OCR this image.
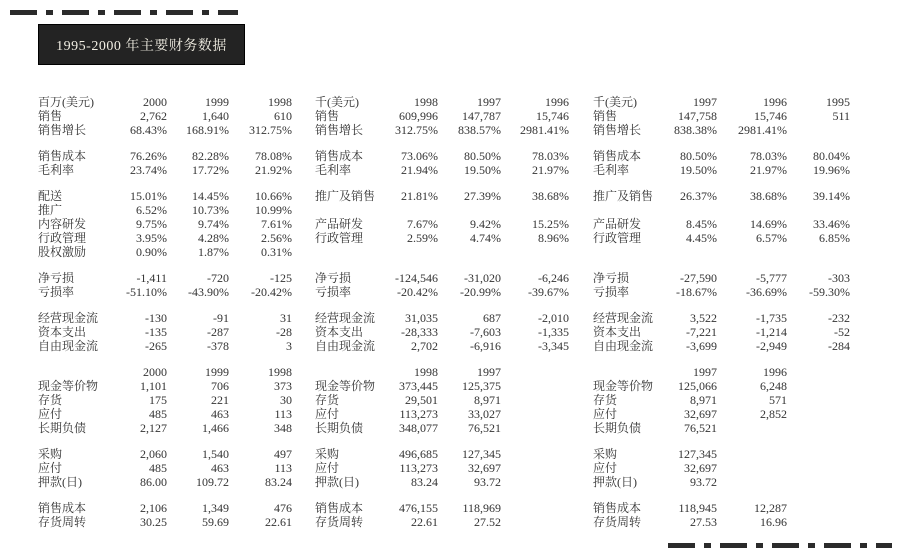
1995-2000 年主要财务数据
百万(美元)	2000	1999	1998
销售	2,762	1,640	610
销售增长	68.43%	168.91%	312.75%

销售成本	76.26%	82.28%	78.08%
毛利率	23.74%	17.72%	21.92%

配送	15.01%	14.45%	10.66%
推广	6.52%	10.73%	10.99%
内容研发	9.75%	9.74%	7.61%
行政管理	3.95%	4.28%	2.56%
股权激励	0.90%	1.87%	0.31%

净亏损	-1,411	-720	-125
亏损率	-51.10%	-43.90%	-20.42%

经营现金流	-130	-91	31
资本支出	-135	-287	-28
自由现金流	-265	-378	3

	2000	1999	1998
现金等价物	1,101	706	373
存货	175	221	30
应付	485	463	113
长期负债	2,127	1,466	348

采购	2,060	1,540	497
应付	485	463	113
押款(日)	86.00	109.72	83.24

销售成本	2,106	1,349	476
存货周转	30.25	59.69	22.61
千(美元)	1998	1997	1996
销售	609,996	147,787	15,746
销售增长	312.75%	838.57%	2981.41%

销售成本	73.06%	80.50%	78.03%
毛利率	21.94%	19.50%	21.97%

推广及销售	21.81%	27.39%	38.68%

产品研发	7.67%	9.42%	15.25%
行政管理	2.59%	4.74%	8.96%

净亏损	-124,546	-31,020	-6,246
亏损率	-20.42%	-20.99%	-39.67%

经营现金流	31,035	687	-2,010
资本支出	-28,333	-7,603	-1,335
自由现金流	2,702	-6,916	-3,345

	1998	1997	
现金等价物	373,445	125,375	
存货	29,501	8,971	
应付	113,273	33,027	
长期负债	348,077	76,521	

采购	496,685	127,345	
应付	113,273	32,697	
押款(日)	83.24	93.72	

销售成本	476,155	118,969	
存货周转	22.61	27.52	
千(美元)	1997	1996	1995
销售	147,758	15,746	511
销售增长	838.38%	2981.41%	

销售成本	80.50%	78.03%	80.04%
毛利率	19.50%	21.97%	19.96%

推广及销售	26.37%	38.68%	39.14%

产品研发	8.45%	14.69%	33.46%
行政管理	4.45%	6.57%	6.85%

净亏损	-27,590	-5,777	-303
亏损率	-18.67%	-36.69%	-59.30%

经营现金流	3,522	-1,735	-232
资本支出	-7,221	-1,214	-52
自由现金流	-3,699	-2,949	-284

	1997	1996	
现金等价物	125,066	6,248	
存货	8,971	571	
应付	32,697	2,852	
长期负债	76,521		

采购	127,345		
应付	32,697		
押款(日)	93.72		

销售成本	118,945	12,287	
存货周转	27.53	16.96	
